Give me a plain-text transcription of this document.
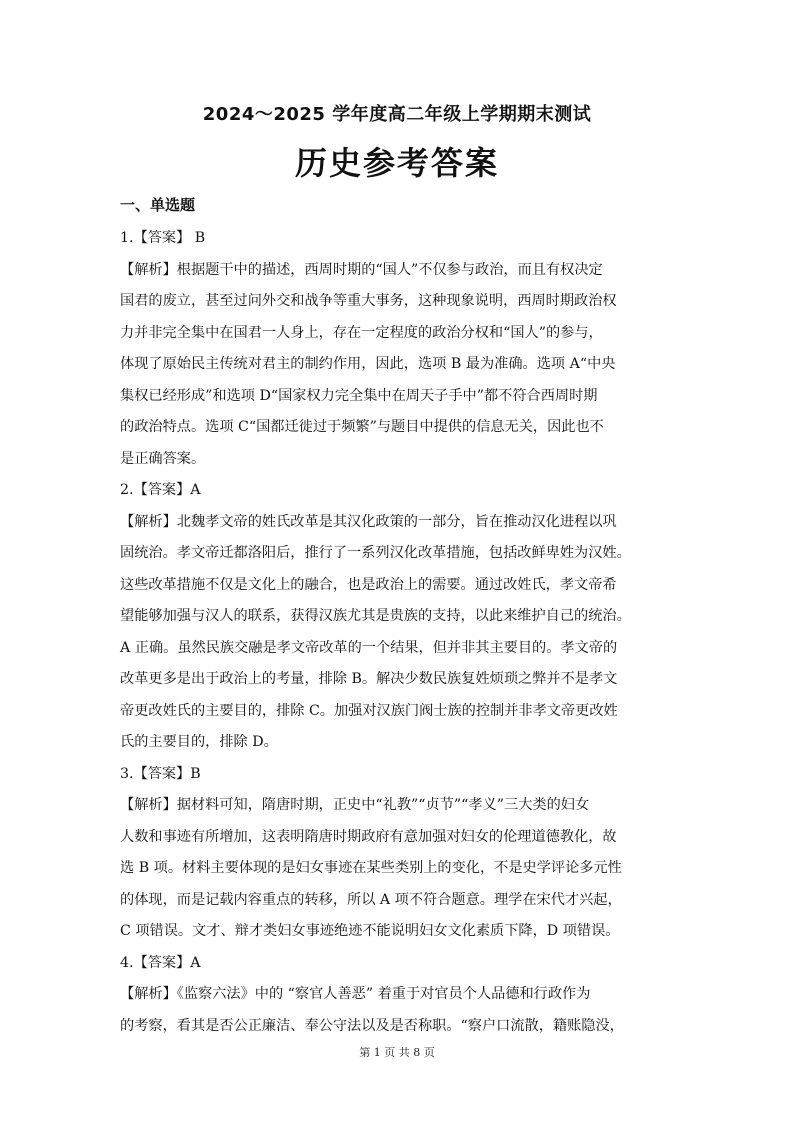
2024～2025 学年度高二年级上学期期末测试
历史参考答案
一、单选题
1.【答案】 B
【解析】根据题干中的描述，西周时期的“国人”不仅参与政治，而且有权决定
国君的废立，甚至过问外交和战争等重大事务，这种现象说明，西周时期政治权
力并非完全集中在国君一人身上，存在一定程度的政治分权和“国人”的参与，
体现了原始民主传统对君主的制约作用，因此，选项 B 最为准确。选项 A“中央
集权已经形成”和选项 D“国家权力完全集中在周天子手中”都不符合西周时期
的政治特点。选项 C“国都迁徙过于频繁”与题目中提供的信息无关，因此也不
是正确答案。
2.【答案】A
【解析】北魏孝文帝的姓氏改革是其汉化政策的一部分，旨在推动汉化进程以巩
固统治。孝文帝迁都洛阳后，推行了一系列汉化改革措施，包括改鲜卑姓为汉姓。
这些改革措施不仅是文化上的融合，也是政治上的需要。通过改姓氏，孝文帝希
望能够加强与汉人的联系，获得汉族尤其是贵族的支持，以此来维护自己的统治。
A 正确。虽然民族交融是孝文帝改革的一个结果，但并非其主要目的。孝文帝的
改革更多是出于政治上的考量，排除 B。解决少数民族复姓烦琐之弊并不是孝文
帝更改姓氏的主要目的，排除 C。加强对汉族门阀士族的控制并非孝文帝更改姓
氏的主要目的，排除 D。
3.【答案】B
【解析】据材料可知，隋唐时期，正史中“礼教”“贞节”“孝义”三大类的妇女
人数和事迹有所增加，这表明隋唐时期政府有意加强对妇女的伦理道德教化，故
选 B 项。材料主要体现的是妇女事迹在某些类别上的变化，不是史学评论多元性
的体现，而是记载内容重点的转移，所以 A 项不符合题意。理学在宋代才兴起，
C 项错误。文才、辩才类妇女事迹绝迹不能说明妇女文化素质下降，D 项错误。
4.【答案】A
【解析】《监察六法》中的 “察官人善恶” 着重于对官员个人品德和行政作为
的考察，看其是否公正廉洁、奉公守法以及是否称职。“察户口流散，籍账隐没，
第 1 页 共 8 页
